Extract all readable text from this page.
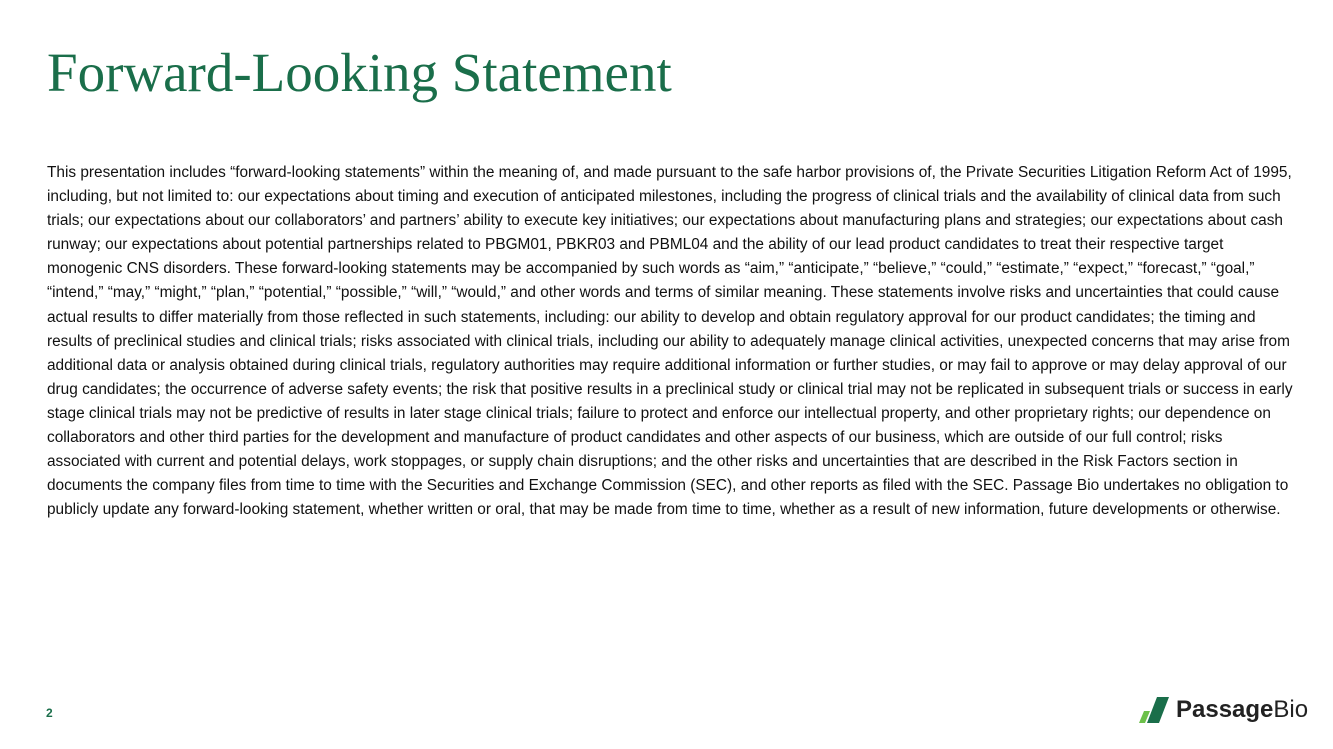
Forward-Looking Statement

This presentation includes “forward-looking statements” within the meaning of, and made pursuant to the safe harbor provisions of, the Private Securities Litigation Reform Act of 1995, including, but not limited to: our expectations about timing and execution of anticipated milestones, including the progress of clinical trials and the availability of clinical data from such trials; our expectations about our collaborators’ and partners’ ability to execute key initiatives; our expectations about manufacturing plans and strategies; our expectations about cash runway; our expectations about potential partnerships related to PBGM01, PBKR03 and PBML04 and the ability of our lead product candidates to treat their respective target monogenic CNS disorders. These forward-looking statements may be accompanied by such words as “aim,” “anticipate,” “believe,” “could,” “estimate,” “expect,” “forecast,” “goal,” “intend,” “may,” “might,” “plan,” “potential,” “possible,” “will,” “would,” and other words and terms of similar meaning. These statements involve risks and uncertainties that could cause actual results to differ materially from those reflected in such statements, including: our ability to develop and obtain regulatory approval for our product candidates; the timing and results of preclinical studies and clinical trials; risks associated with clinical trials, including our ability to adequately manage clinical activities, unexpected concerns that may arise from additional data or analysis obtained during clinical trials, regulatory authorities may require additional information or further studies, or may fail to approve or may delay approval of our drug candidates; the occurrence of adverse safety events; the risk that positive results in a preclinical study or clinical trial may not be replicated in subsequent trials or success in early stage clinical trials may not be predictive of results in later stage clinical trials; failure to protect and enforce our intellectual property, and other proprietary rights; our dependence on collaborators and other third parties for the development and manufacture of product candidates and other aspects of our business, which are outside of our full control; risks associated with current and potential delays, work stoppages, or supply chain disruptions; and the other risks and uncertainties that are described in the Risk Factors section in documents the company files from time to time with the Securities and Exchange Commission (SEC), and other reports as filed with the SEC. Passage Bio undertakes no obligation to publicly update any forward-looking statement, whether written or oral, that may be made from time to time, whether as a result of new information, future developments or otherwise.

2	PassageBio
